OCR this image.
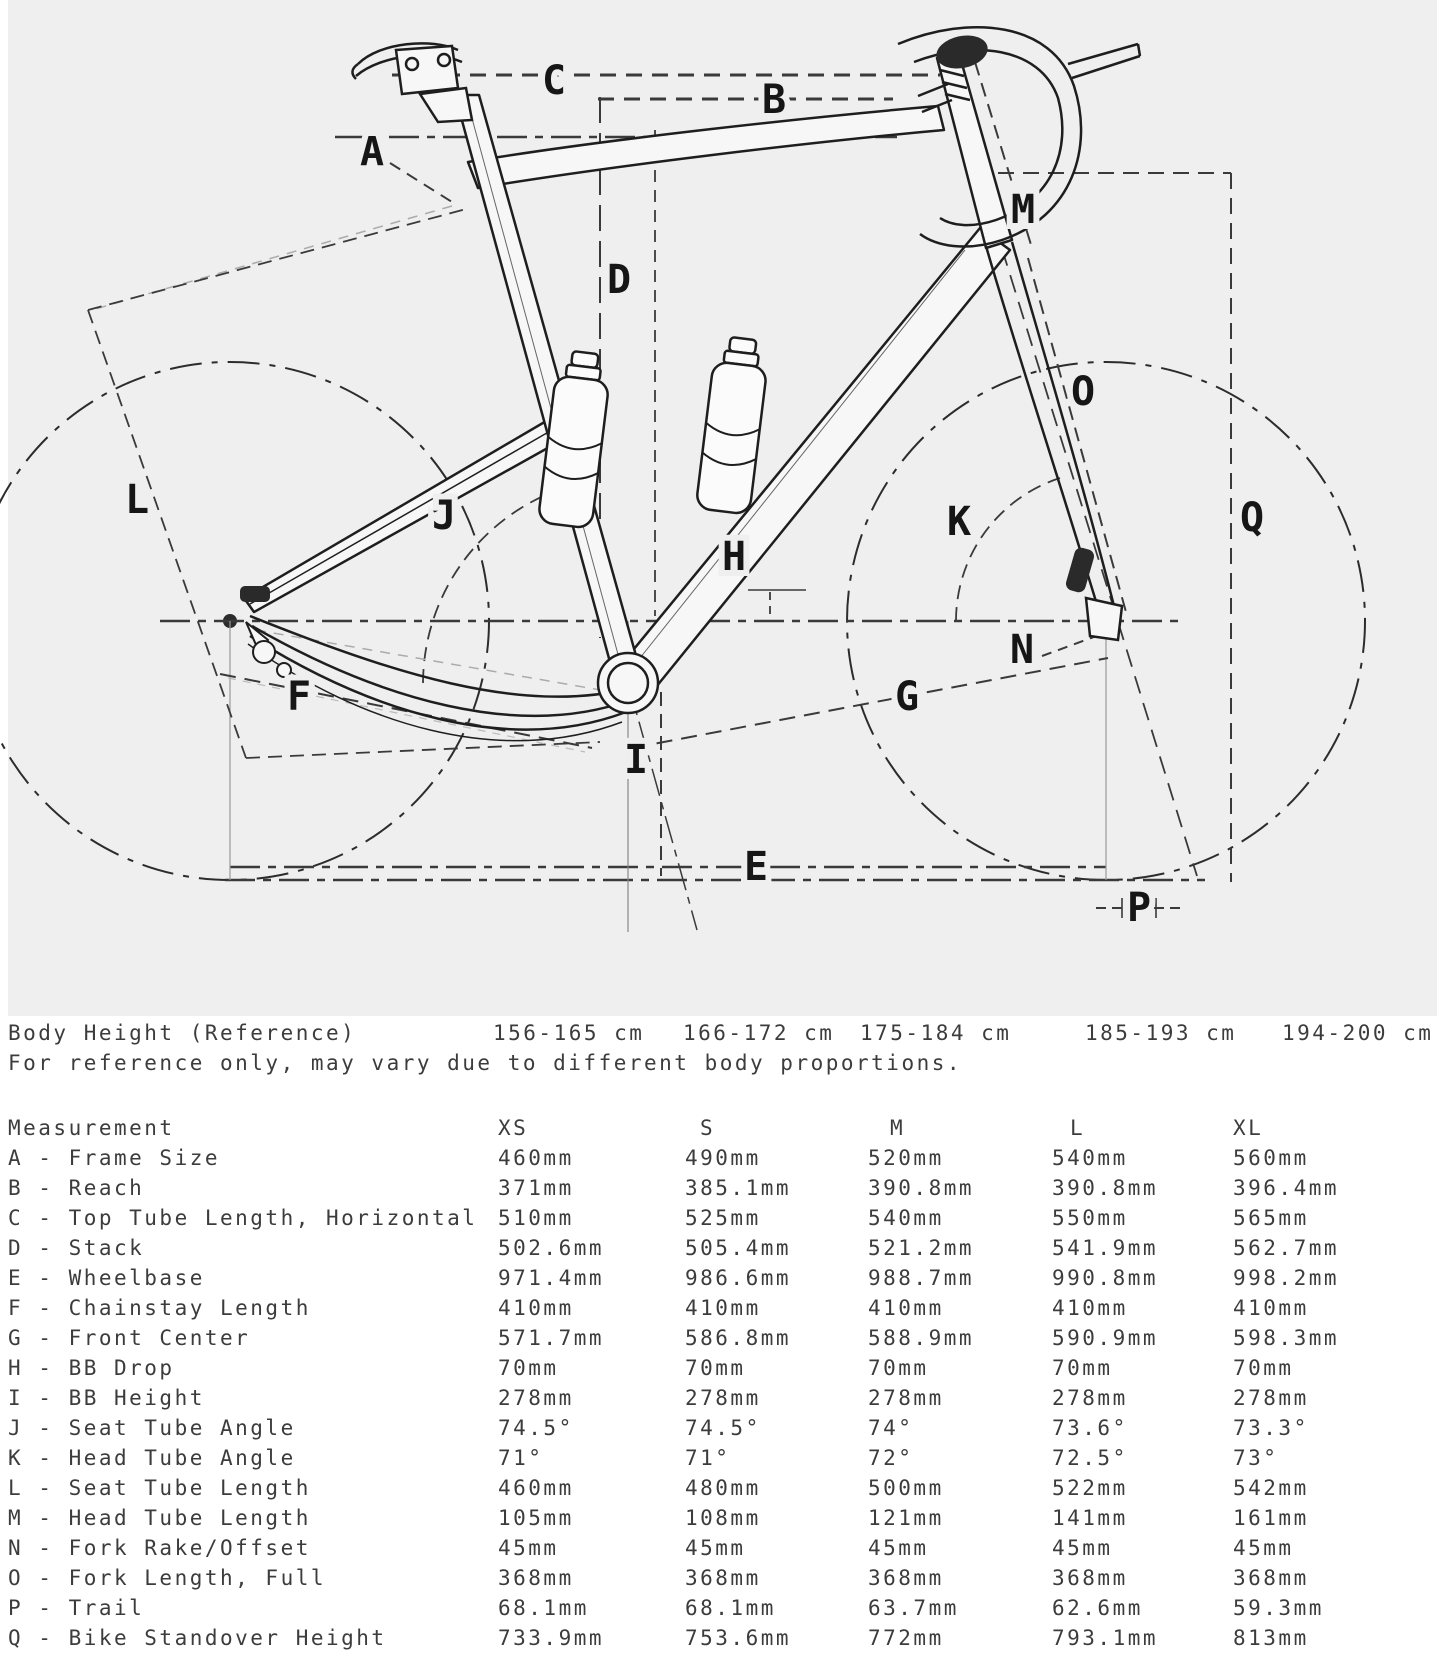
A
B
C
D
E
F	G
H
I
J	K
L
M
N
O
P
Q
Body Height (Reference)	156-165 cm 166-172 cm 175-184 cm	185-193 cm 194-200 cm
For reference only, may vary due to different body proportions.
Measurement	XS	S	M	L	XL
A - Frame Size	460mm	490mm	520mm	540mm	560mm
B - Reach	371mm	385.1mm	390.8mm	390.8mm	396.4mm
C - Top Tube Length, Horizontal 510mm	525mm	540mm	550mm	565mm
D - Stack	502.6mm	505.4mm	521.2mm	541.9mm	562.7mm
E - Wheelbase	971.4mm	986.6mm	988.7mm	990.8mm	998.2mm
F - Chainstay Length	410mm	410mm	410mm	410mm	410mm
G - Front Center	571.7mm	586.8mm	588.9mm	590.9mm	598.3mm
H - BB Drop	70mm	70mm	70mm	70mm	70mm
I - BB Height	278mm	278mm	278mm	278mm	278mm
J - Seat Tube Angle	74.5°	74.5°	74°	73.6°	73.3°
K - Head Tube Angle	71°	71°	72°	72.5°	73°
L - Seat Tube Length	460mm	480mm	500mm	522mm	542mm
M - Head Tube Length	105mm	108mm	121mm	141mm	161mm
N - Fork Rake/Offset	45mm	45mm	45mm	45mm	45mm
O - Fork Length, Full	368mm	368mm	368mm	368mm	368mm
P - Trail	68.1mm	68.1mm	63.7mm	62.6mm	59.3mm
Q - Bike Standover Height	733.9mm	753.6mm	772mm	793.1mm	813mm
